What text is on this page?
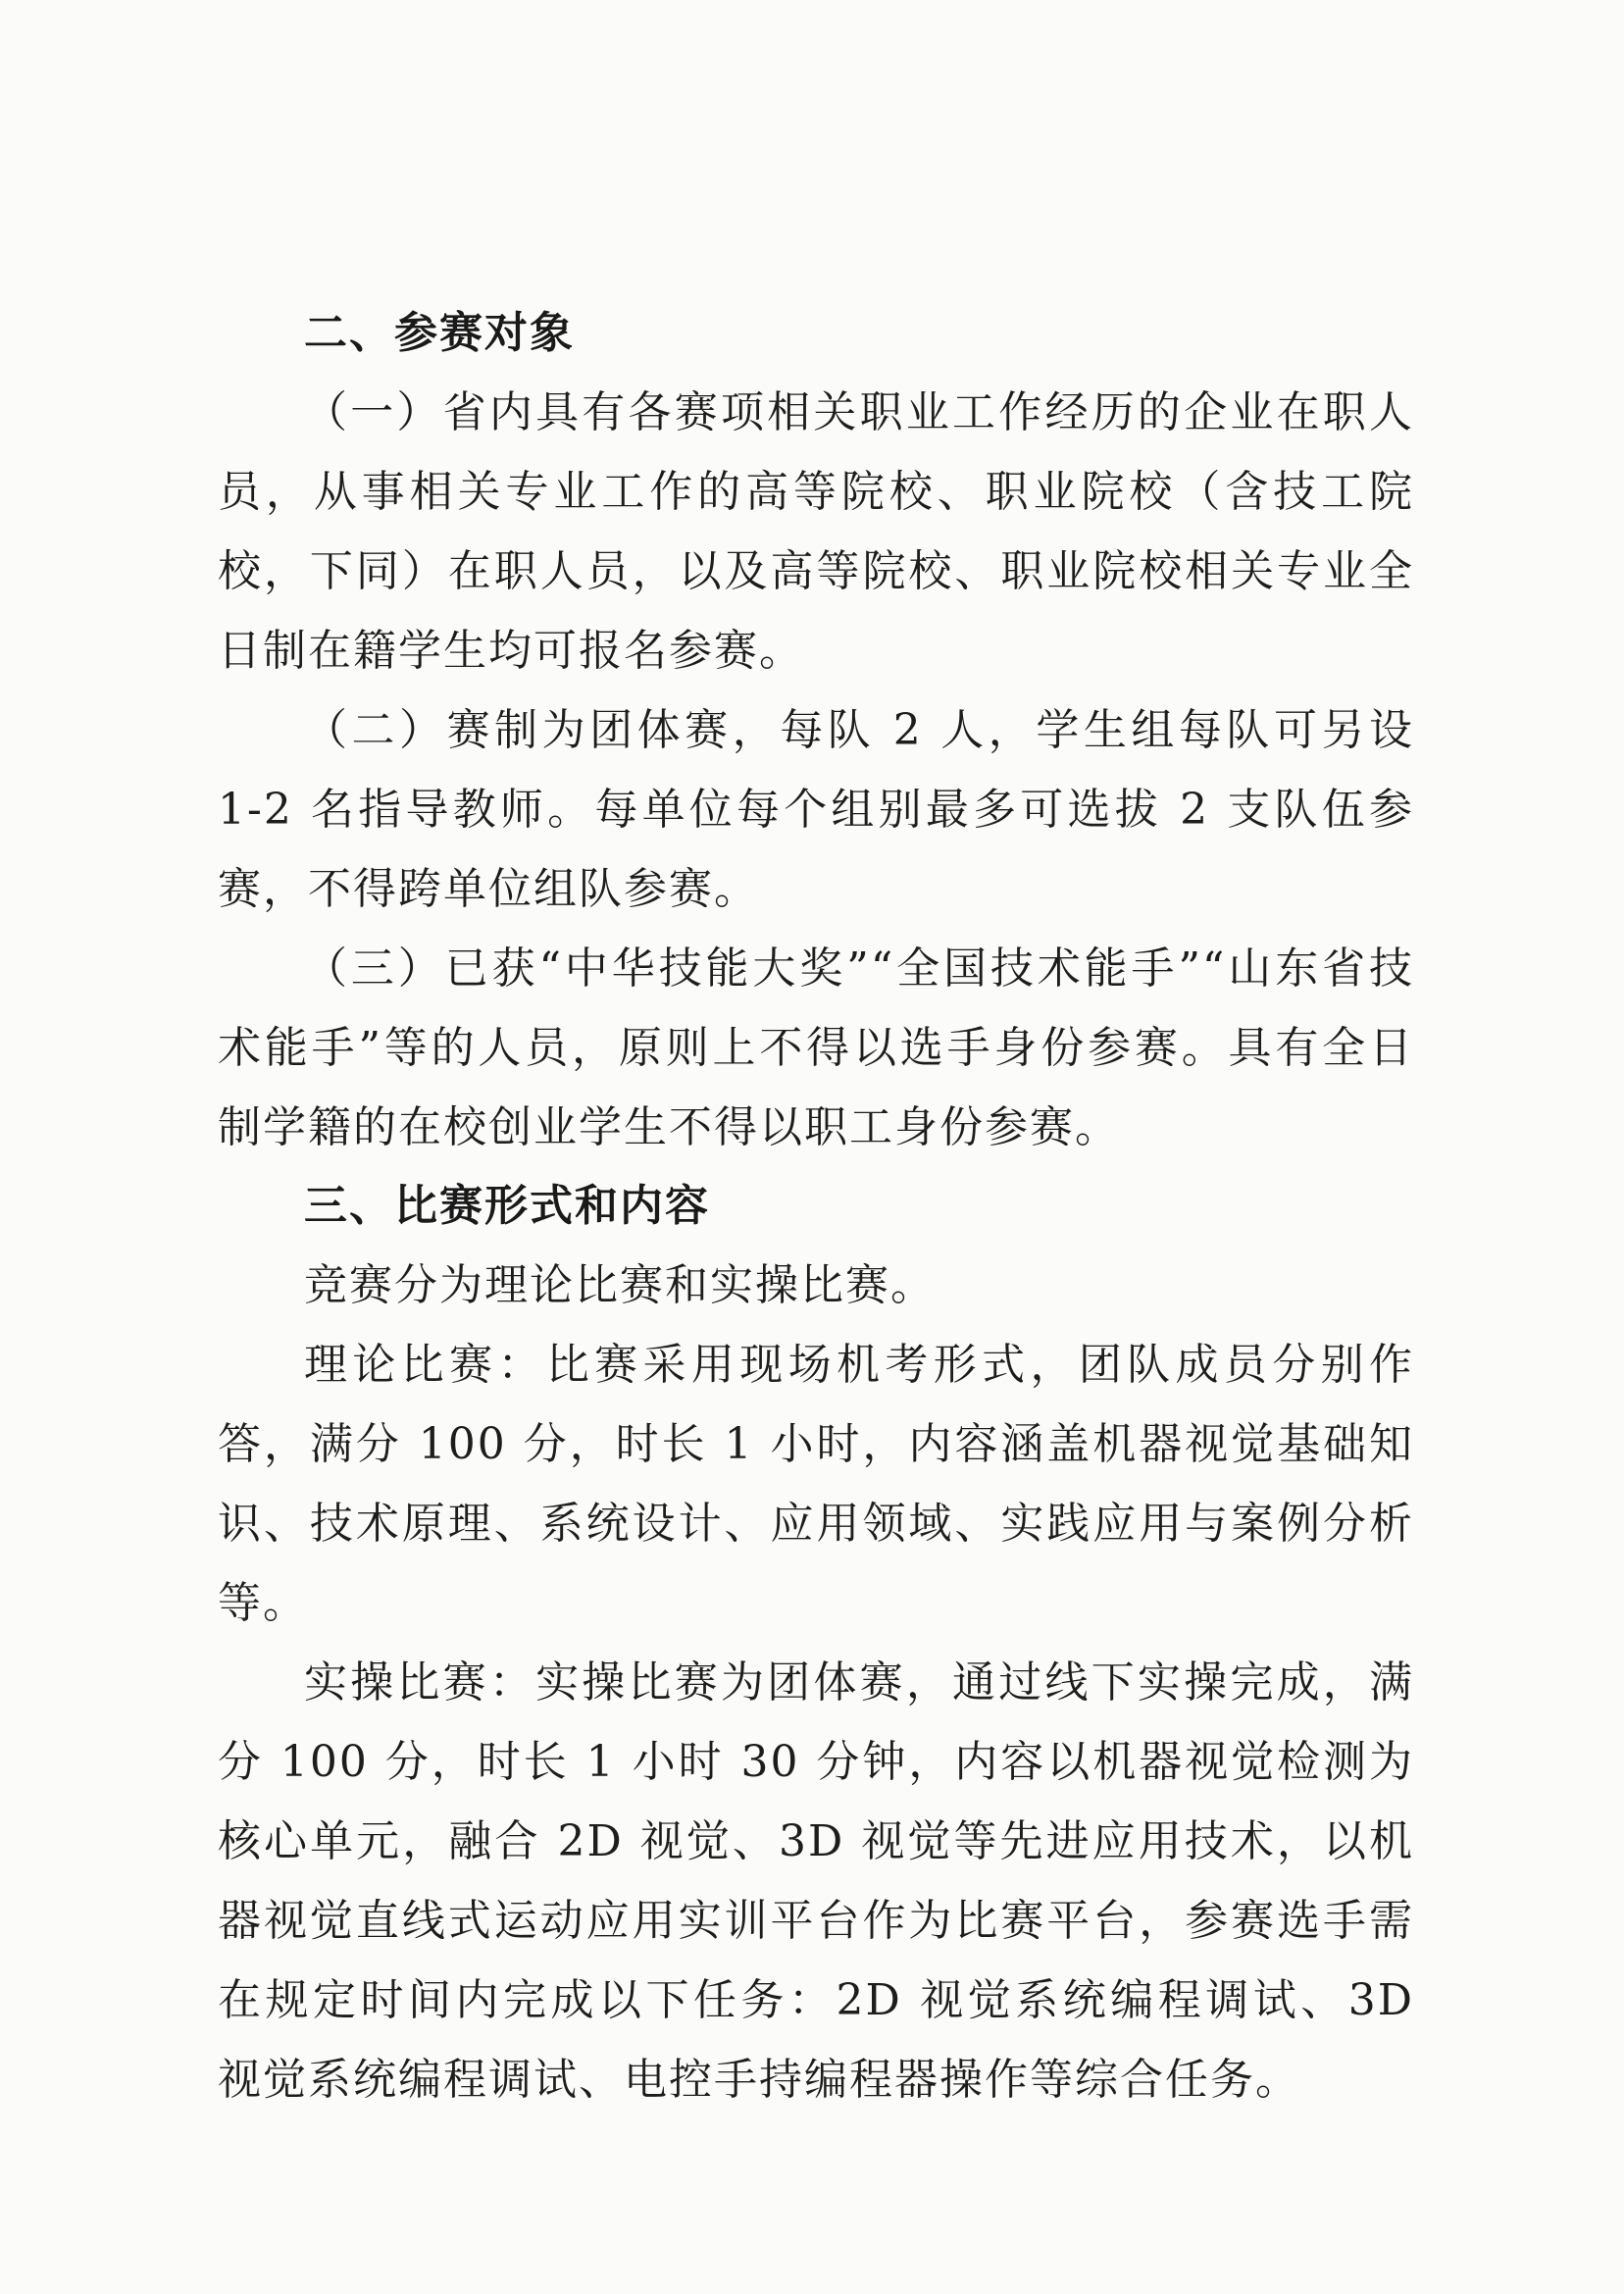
二、参赛对象

（一）省内具有各赛项相关职业工作经历的企业在职人员，从事相关专业工作的高等院校、职业院校（含技工院校，下同）在职人员，以及高等院校、职业院校相关专业全日制在籍学生均可报名参赛。

（二）赛制为团体赛，每队 2 人，学生组每队可另设 1-2 名指导教师。每单位每个组别最多可选拔 2 支队伍参赛，不得跨单位组队参赛。

（三）已获“中华技能大奖”“全国技术能手”“山东省技术能手”等的人员，原则上不得以选手身份参赛。具有全日制学籍的在校创业学生不得以职工身份参赛。

三、比赛形式和内容

竞赛分为理论比赛和实操比赛。

理论比赛：比赛采用现场机考形式，团队成员分别作答，满分 100 分，时长 1 小时，内容涵盖机器视觉基础知识、技术原理、系统设计、应用领域、实践应用与案例分析等。

实操比赛：实操比赛为团体赛，通过线下实操完成，满分 100 分，时长 1 小时 30 分钟，内容以机器视觉检测为核心单元，融合 2D 视觉、3D 视觉等先进应用技术，以机器视觉直线式运动应用实训平台作为比赛平台，参赛选手需在规定时间内完成以下任务：2D 视觉系统编程调试、3D 视觉系统编程调试、电控手持编程器操作等综合任务。
